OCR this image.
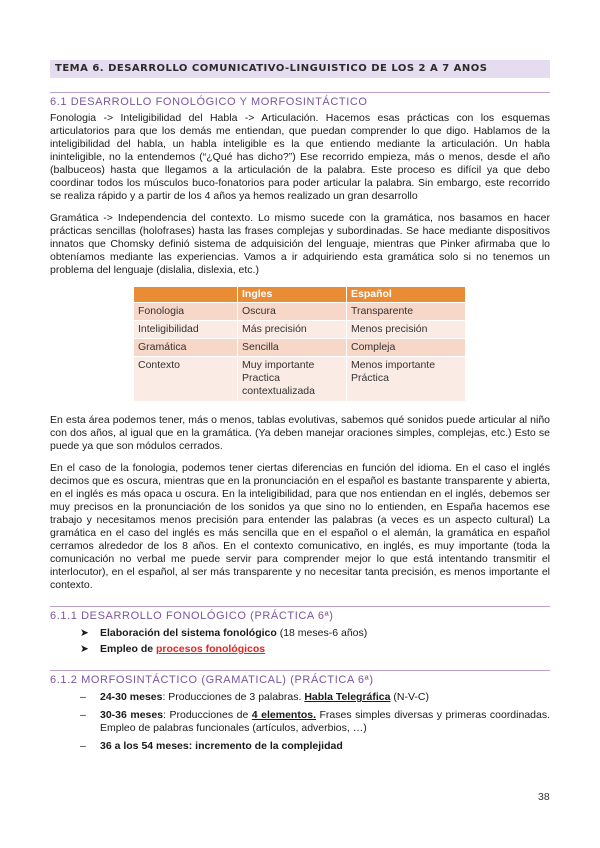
TEMA 6. DESARROLLO COMUNICATIVO-LINGUISTICO DE LOS 2 A 7 ANOS
6.1 DESARROLLO FONOLÓGICO Y MORFOSINTÁCTICO

Fonologia -> Inteligibilidad del Habla -> Articulación. Hacemos esas prácticas con los esquemas articulatorios para que los demás me entiendan, que puedan comprender lo que digo. Hablamos de la inteligibilidad del habla, un habla inteligible es la que entiendo mediante la articulación. Un habla ininteligible, no la entendemos (“¿Qué has dicho?”) Ese recorrido empieza, más o menos, desde el año (balbuceos) hasta que llegamos a la articulación de la palabra. Este proceso es difícil ya que debo coordinar todos los músculos buco-fonatorios para poder articular la palabra. Sin embargo, este recorrido se realiza rápido y a partir de los 4 años ya hemos realizado un gran desarrollo

Gramática -> Independencia del contexto. Lo mismo sucede con la gramática, nos basamos en hacer prácticas sencillas (holofrases) hasta las frases complejas y subordinadas. Se hace mediante dispositivos innatos que Chomsky definió sistema de adquisición del lenguaje, mientras que Pinker afirmaba que lo obteníamos mediante las experiencias. Vamos a ir adquiriendo esta gramática solo si no tenemos un problema del lenguaje (dislalia, dislexia, etc.)

	Ingles	Español
Fonologia	Oscura	Transparente
Inteligibilidad	Más precisión	Menos precisión
Gramática	Sencilla	Compleja
Contexto	Muy importante Practica contextualizada	Menos importante Práctica

En esta área podemos tener, más o menos, tablas evolutivas, sabemos qué sonidos puede articular al niño con dos años, al igual que en la gramática. (Ya deben manejar oraciones simples, complejas, etc.) Esto se puede ya que son módulos cerrados.

En el caso de la fonologia, podemos tener ciertas diferencias en función del idioma. En el caso el inglés decimos que es oscura, mientras que en la pronunciación en el español es bastante transparente y abierta, en el inglés es más opaca u oscura. En la inteligibilidad, para que nos entiendan en el inglés, debemos ser muy precisos en la pronunciación de los sonidos ya que sino no lo entienden, en España hacemos ese trabajo y necesitamos menos precisión para entender las palabras (a veces es un aspecto cultural) La gramática en el caso del inglés es más sencilla que en el español o el alemán, la gramática en español cerramos alrededor de los 8 años. En el contexto comunicativo, en inglés, es muy importante (toda la comunicación no verbal me puede servir para comprender mejor lo que está intentando transmitir el interlocutor), en el español, al ser más transparente y no necesitar tanta precisión, es menos importante el contexto.

6.1.1 DESARROLLO FONOLÓGICO (PRÁCTICA 6ª)
➤ Elaboración del sistema fonológico (18 meses-6 años)
➤ Empleo de procesos fonológicos
6.1.2 MORFOSINTÁCTICO (GRAMATICAL) (PRÁCTICA 6ª)
– 24-30 meses: Producciones de 3 palabras. Habla Telegráfica (N-V-C)
– 30-36 meses: Producciones de 4 elementos. Frases simples diversas y primeras coordinadas. Empleo de palabras funcionales (artículos, adverbios, …)
– 36 a los 54 meses: incremento de la complejidad
38
